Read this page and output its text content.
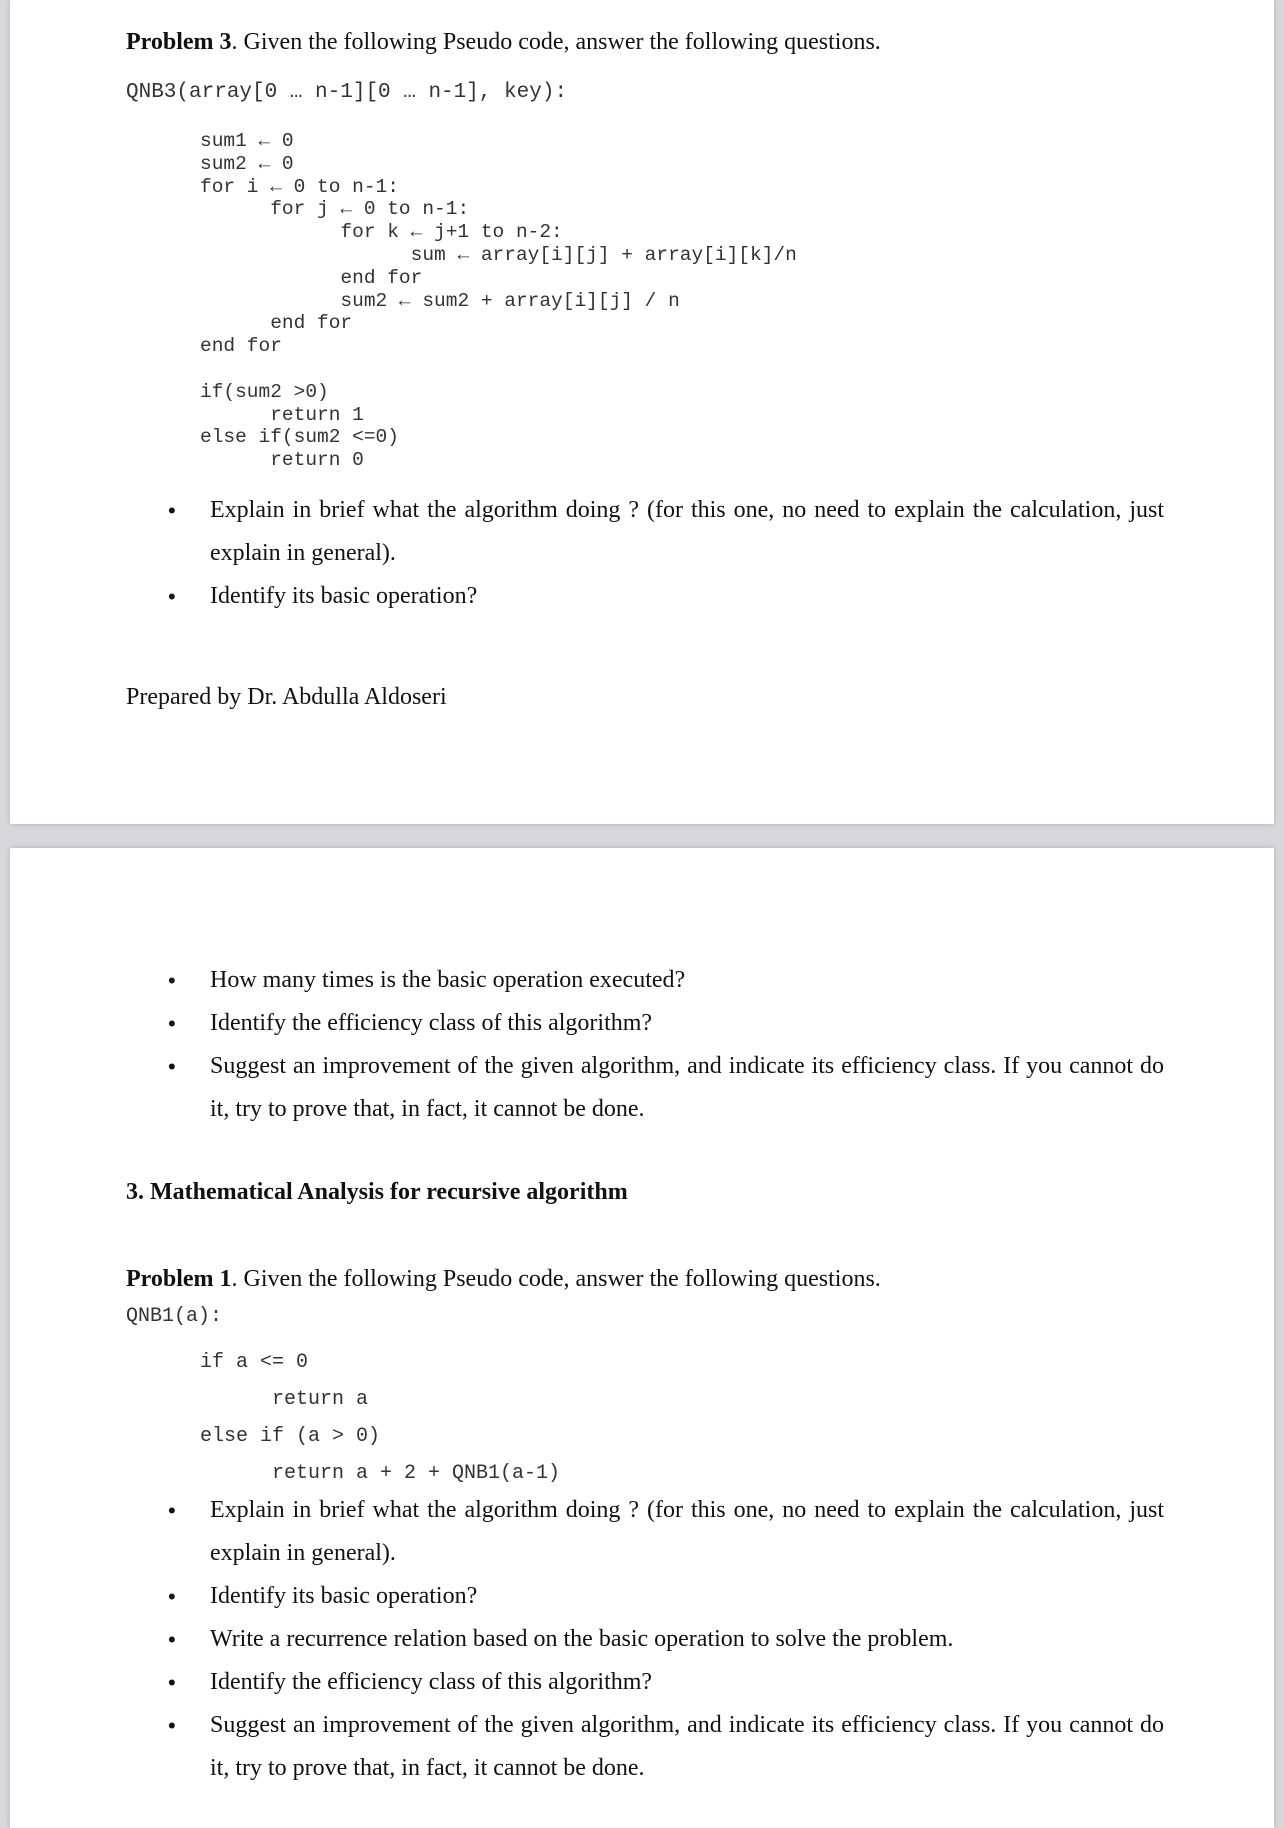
Problem 3. Given the following Pseudo code, answer the following questions.
QNB3(array[0 … n-1][0 … n-1], key):
sum1 ← 0
sum2 ← 0
for i ← 0 to n-1:
for j ← 0 to n-1:
for k ← j+1 to n-2:
sum ← array[i][j] + array[i][k]/n
end for
sum2 ← sum2 + array[i][j] / n
end for
end for

if(sum2 >0)
return 1
else if(sum2 <=0)
return 0
• Explain in brief what the algorithm doing ? (for this one, no need to explain the calculation, just explain in general).
• Identify its basic operation?
Prepared by Dr. Abdulla Aldoseri
• How many times is the basic operation executed?
• Identify the efficiency class of this algorithm?
• Suggest an improvement of the given algorithm, and indicate its efficiency class. If you cannot do it, try to prove that, in fact, it cannot be done.
3. Mathematical Analysis for recursive algorithm
Problem 1. Given the following Pseudo code, answer the following questions.
QNB1(a):
if a <= 0
return a
else if (a > 0)
return a + 2 + QNB1(a-1)
• Explain in brief what the algorithm doing ? (for this one, no need to explain the calculation, just explain in general).
• Identify its basic operation?
• Write a recurrence relation based on the basic operation to solve the problem.
• Identify the efficiency class of this algorithm?
• Suggest an improvement of the given algorithm, and indicate its efficiency class. If you cannot do it, try to prove that, in fact, it cannot be done.
